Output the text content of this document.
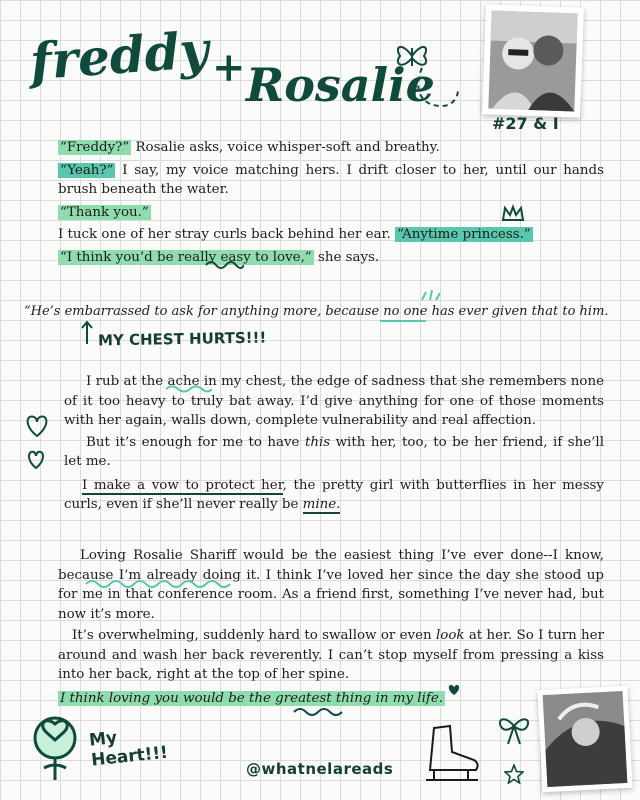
freddy + Rosalie
#27 & I
“Freddy?” Rosalie asks, voice whisper-soft and breathy.
“Yeah?” I say, my voice matching hers. I drift closer to her, until our hands brush beneath the water.
“Thank you.”
I tuck one of her stray curls back behind her ear. “Anytime princess.”
“I think you’d be really easy to love,” she says.
“He’s embarrassed to ask for anything more, because no one has ever given that to him.
MY CHEST HURTS!!!
I rub at the ache in my chest, the edge of sadness that she remembers none of it too heavy to truly bat away. I’d give anything for one of those moments with her again, walls down, complete vulnerability and real affection.
But it’s enough for me to have this with her, too, to be her friend, if she’ll let me.
I make a vow to protect her, the pretty girl with butterflies in her messy curls, even if she’ll never really be mine.
Loving Rosalie Shariff would be the easiest thing I’ve ever done--I know, because I’m already doing it. I think I’ve loved her since the day she stood up for me in that conference room. As a friend first, something I’ve never had, but now it’s more.
It’s overwhelming, suddenly hard to swallow or even look at her. So I turn her around and wash her back reverently. I can’t stop myself from pressing a kiss into her back, right at the top of her spine.
I think loving you would be the greatest thing in my life.
My Heart!!!	@whatnelareads
